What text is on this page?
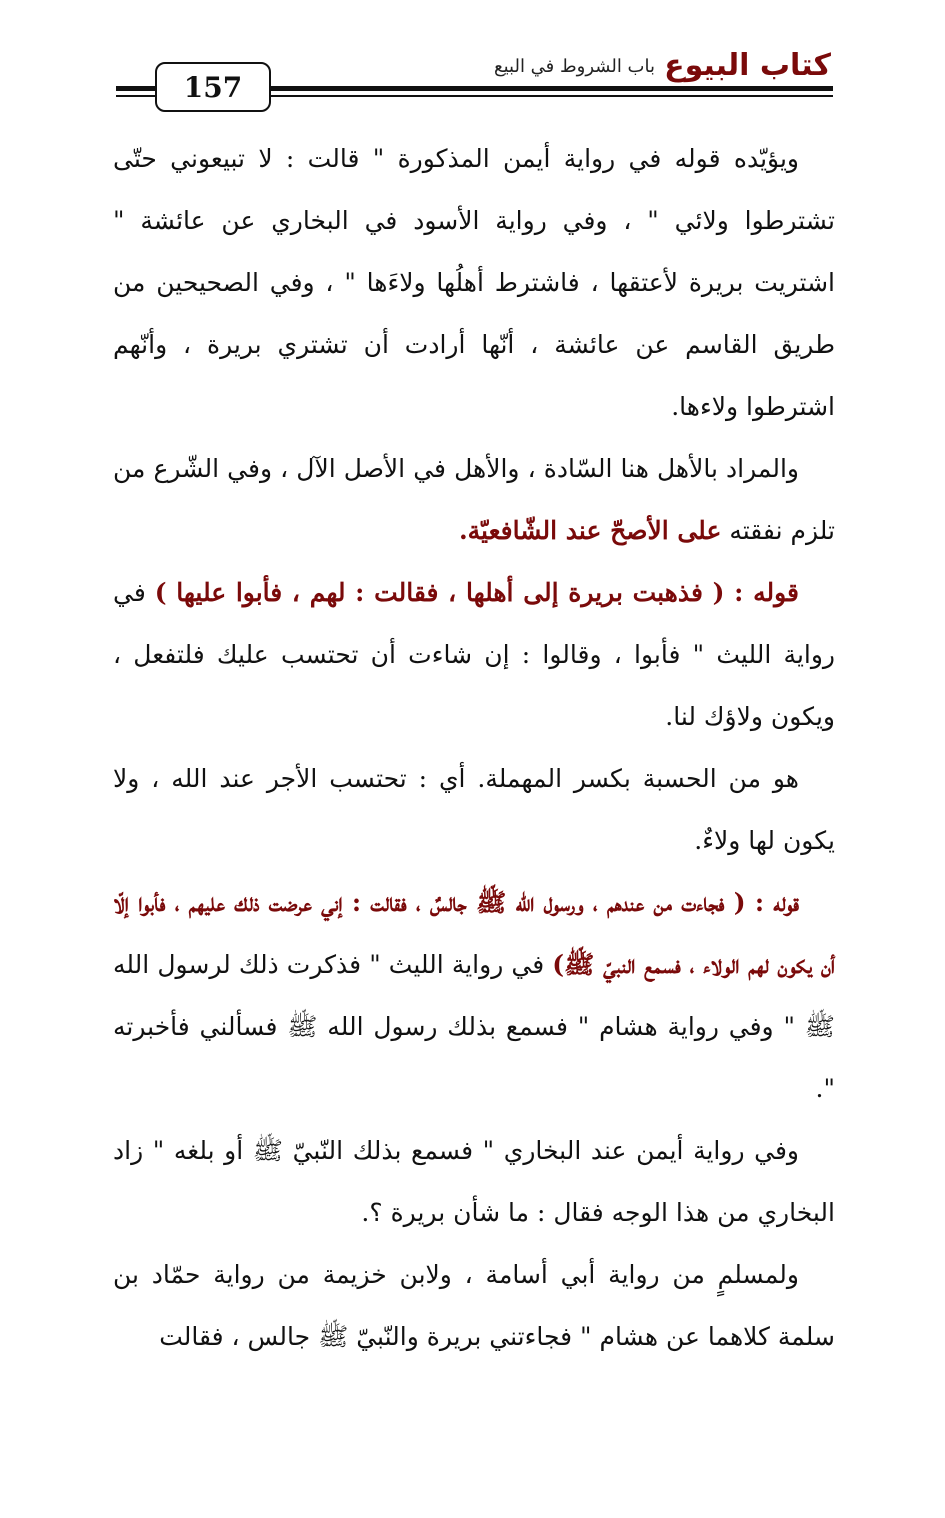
كتاب البيوع
باب الشروط في البيع
157

ويؤيّده قوله في رواية أيمن المذكورة " قالت : لا تبيعوني حتّى تشترطوا ولائي " ، وفي رواية الأسود في البخاري عن عائشة " اشتريت بريرة لأعتقها ، فاشترط أهلُها ولاءَها " ، وفي الصحيحين من طريق القاسم عن عائشة ، أنّها أرادت أن تشتري بريرة ، وأنّهم اشترطوا ولاءها.

والمراد بالأهل هنا السّادة ، والأهل في الأصل الآل ، وفي الشّرع من تلزم نفقته على الأصحّ عند الشّافعيّة.

قوله : ( فذهبت بريرة إلى أهلها ، فقالت : لهم ، فأبوا عليها ) في رواية الليث " فأبوا ، وقالوا : إن شاءت أن تحتسب عليك فلتفعل ، ويكون ولاؤك لنا.

هو من الحسبة بكسر المهملة. أي : تحتسب الأجر عند الله ، ولا يكون لها ولاءٌ.

قوله : ( فجاءت من عندهم ، ورسول الله ﷺ جالسٌ ، فقالت : إني عرضت ذلك عليهم ، فأبوا إلّا أن يكون لهم الولاء ، فسمع النبيّ ﷺ) في رواية الليث " فذكرت ذلك لرسول الله ﷺ " وفي رواية هشام " فسمع بذلك رسول الله ﷺ فسألني فأخبرته ".

وفي رواية أيمن عند البخاري " فسمع بذلك النّبيّ ﷺ أو بلغه " زاد البخاري من هذا الوجه فقال : ما شأن بريرة ؟.

ولمسلمٍ من رواية أبي أسامة ، ولابن خزيمة من رواية حمّاد بن سلمة كلاهما عن هشام " فجاءتني بريرة والنّبيّ ﷺ جالس ، فقالت
